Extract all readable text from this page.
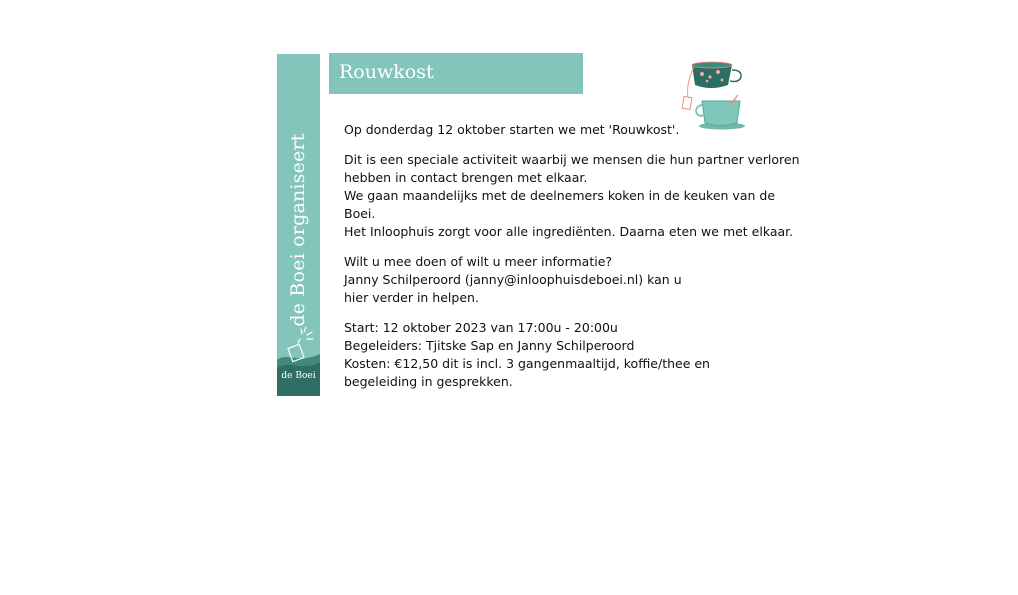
de Boei organiseert
de Boei
Rouwkost

Op donderdag 12 oktober starten we met 'Rouwkost'.

Dit is een speciale activiteit waarbij we mensen die hun partner verloren
hebben in contact brengen met elkaar.
We gaan maandelijks met de deelnemers koken in de keuken van de
Boei.
Het Inloophuis zorgt voor alle ingrediënten. Daarna eten we met elkaar.

Wilt u mee doen of wilt u meer informatie?
Janny Schilperoord (janny@inloophuisdeboei.nl) kan u
hier verder in helpen.

Start: 12 oktober 2023 van 17:00u - 20:00u
Begeleiders: Tjitske Sap en Janny Schilperoord
Kosten: €12,50 dit is incl. 3 gangenmaaltijd, koffie/thee en
begeleiding in gesprekken.
